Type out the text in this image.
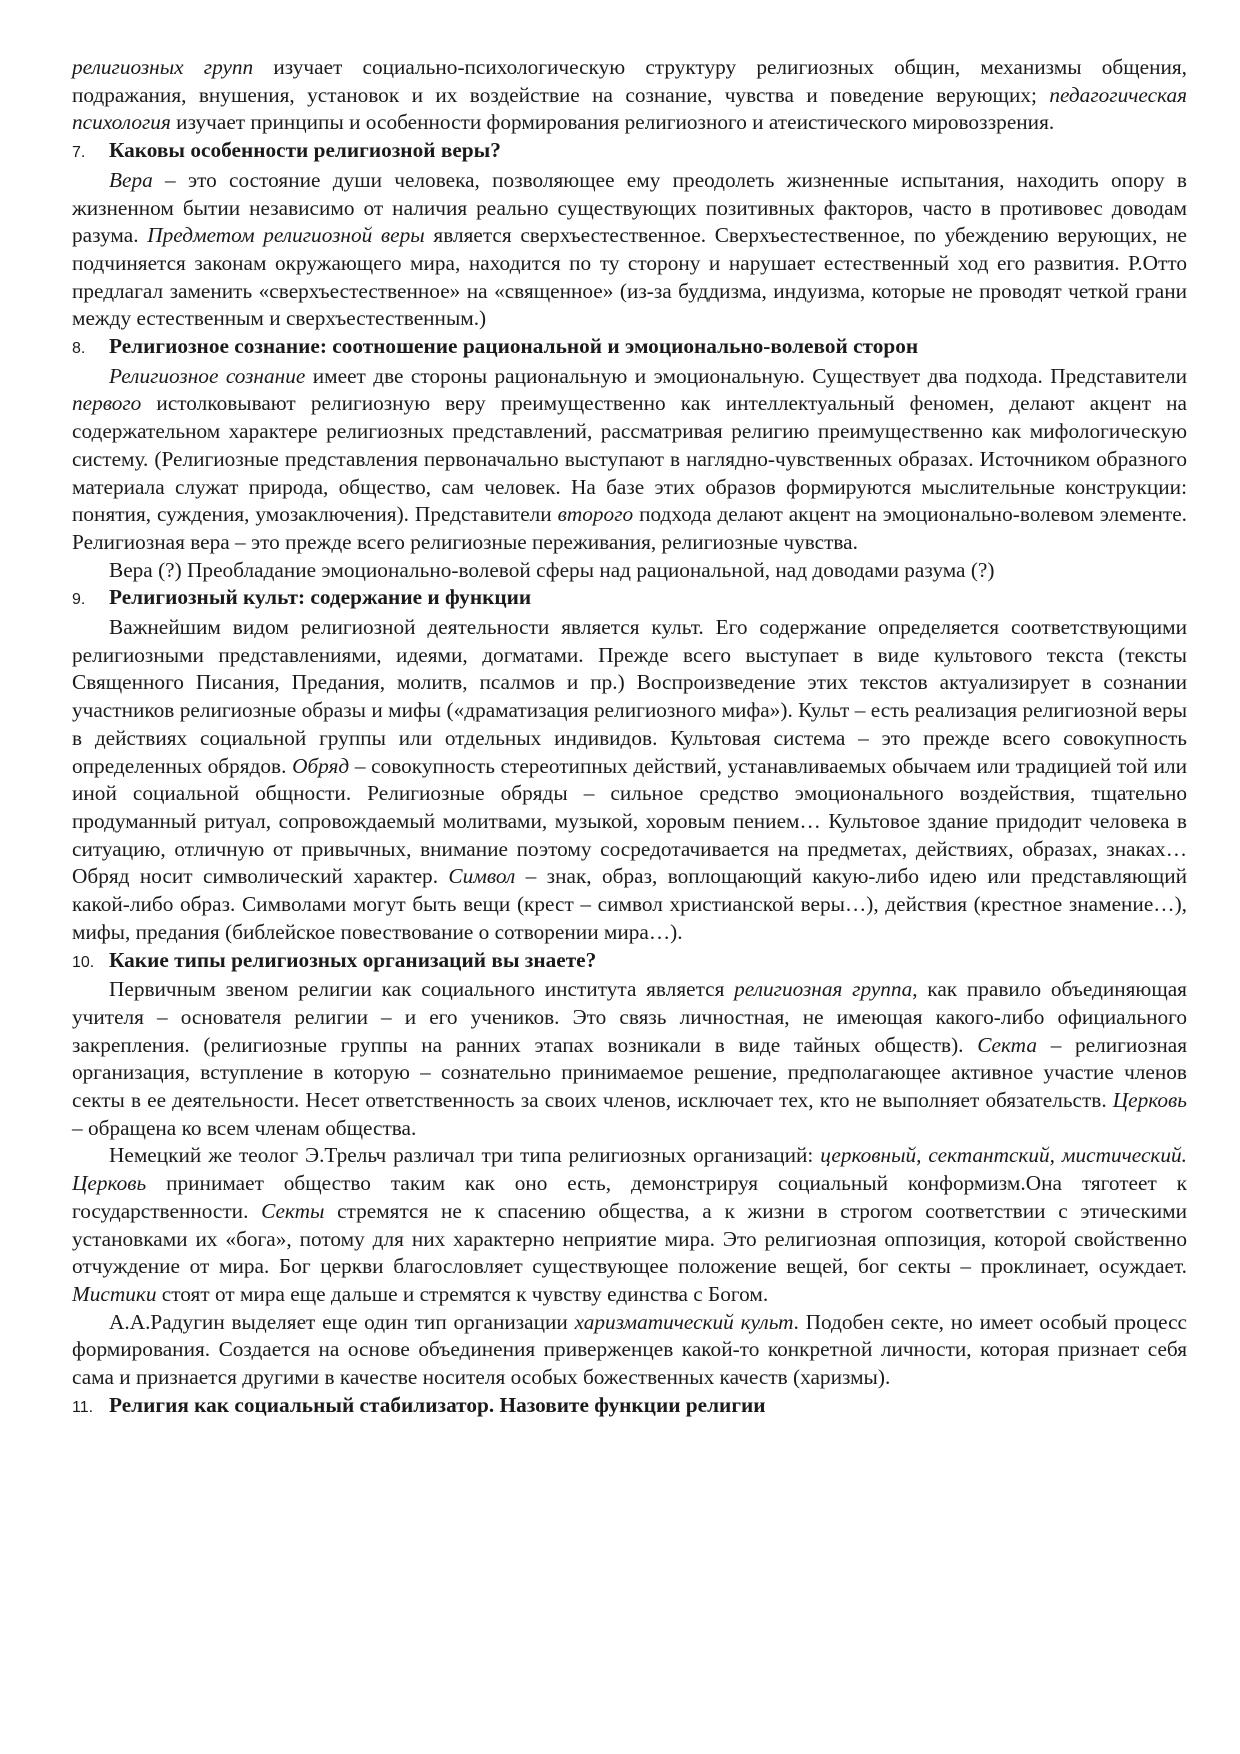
религиозных групп изучает социально-психологическую структуру религиозных общин, механизмы общения, подражания, внушения, установок и их воздействие на сознание, чувства и поведение верующих; педагогическая психология изучает принципы и особенности формирования религиозного и атеистического мировоззрения.

7.	Каковы особенности религиозной веры?

Вера – это состояние души человека, позволяющее ему преодолеть жизненные испытания, находить опору в жизненном бытии независимо от наличия реально существующих позитивных факторов, часто в противовес доводам разума. Предметом религиозной веры является сверхъестественное. Сверхъестественное, по убеждению верующих, не подчиняется законам окружающего мира, находится по ту сторону и нарушает естественный ход его развития. Р.Отто предлагал заменить «сверхъестественное» на «священное» (из-за буддизма, индуизма, которые не проводят четкой грани между естественным и сверхъестественным.)

8.	Религиозное сознание: соотношение рациональной и эмоционально-волевой сторон

Религиозное сознание имеет две стороны рациональную и эмоциональную. Существует два подхода. Представители первого истолковывают религиозную веру преимущественно как интеллектуальный феномен, делают акцент на содержательном характере религиозных представлений, рассматривая религию преимущественно как мифологическую систему. (Религиозные представления первоначально выступают в наглядно-чувственных образах. Источником образного материала служат природа, общество, сам человек. На базе этих образов формируются мыслительные конструкции: понятия, суждения, умозаключения). Представители второго подхода делают акцент на эмоционально-волевом элементе. Религиозная вера – это прежде всего религиозные переживания, религиозные чувства.

Вера (?) Преобладание эмоционально-волевой сферы над рациональной, над доводами разума (?)

9.	Религиозный культ: содержание и функции

Важнейшим видом религиозной деятельности является культ. Его содержание определяется соответствующими религиозными представлениями, идеями, догматами. Прежде всего выступает в виде культового текста (тексты Священного Писания, Предания, молитв, псалмов и пр.) Воспроизведение этих текстов актуализирует в сознании участников религиозные образы и мифы («драматизация религиозного мифа»). Культ – есть реализация религиозной веры в действиях социальной группы или отдельных индивидов. Культовая система – это прежде всего совокупность определенных обрядов. Обряд – совокупность стереотипных действий, устанавливаемых обычаем или традицией той или иной социальной общности. Религиозные обряды – сильное средство эмоционального воздействия, тщательно продуманный ритуал, сопровождаемый молитвами, музыкой, хоровым пением… Культовое здание придодит человека в ситуацию, отличную от привычных, внимание поэтому сосредотачивается на предметах, действиях, образах, знаках… Обряд носит символический характер. Символ – знак, образ, воплощающий какую-либо идею или представляющий какой-либо образ. Символами могут быть вещи (крест – символ христианской веры…), действия (крестное знамение…), мифы, предания (библейское повествование о сотворении мира…).

10. Какие типы религиозных организаций вы знаете?

Первичным звеном религии как социального института является религиозная группа, как правило объединяющая учителя – основателя религии – и его учеников. Это связь личностная, не имеющая какого-либо официального закрепления. (религиозные группы на ранних этапах возникали в виде тайных обществ). Секта – религиозная организация, вступление в которую – сознательно принимаемое решение, предполагающее активное участие членов секты в ее деятельности. Несет ответственность за своих членов, исключает тех, кто не выполняет обязательств. Церковь – обращена ко всем членам общества.

Немецкий же теолог Э.Трельч различал три типа религиозных организаций: церковный, сектантский, мистический. Церковь принимает общество таким как оно есть, демонстрируя социальный конформизм.Она тяготеет к государственности. Секты стремятся не к спасению общества, а к жизни в строгом соответствии с этическими установками их «бога», потому для них характерно неприятие мира. Это религиозная оппозиция, которой свойственно отчуждение от мира. Бог церкви благословляет существующее положение вещей, бог секты – проклинает, осуждает. Мистики стоят от мира еще дальше и стремятся к чувству единства с Богом.

А.А.Радугин выделяет еще один тип организации харизматический культ. Подобен секте, но имеет особый процесс формирования. Создается на основе объединения приверженцев какой-то конкретной личности, которая признает себя сама и признается другими в качестве носителя особых божественных качеств (харизмы).

11. Религия как социальный стабилизатор. Назовите функции религии
